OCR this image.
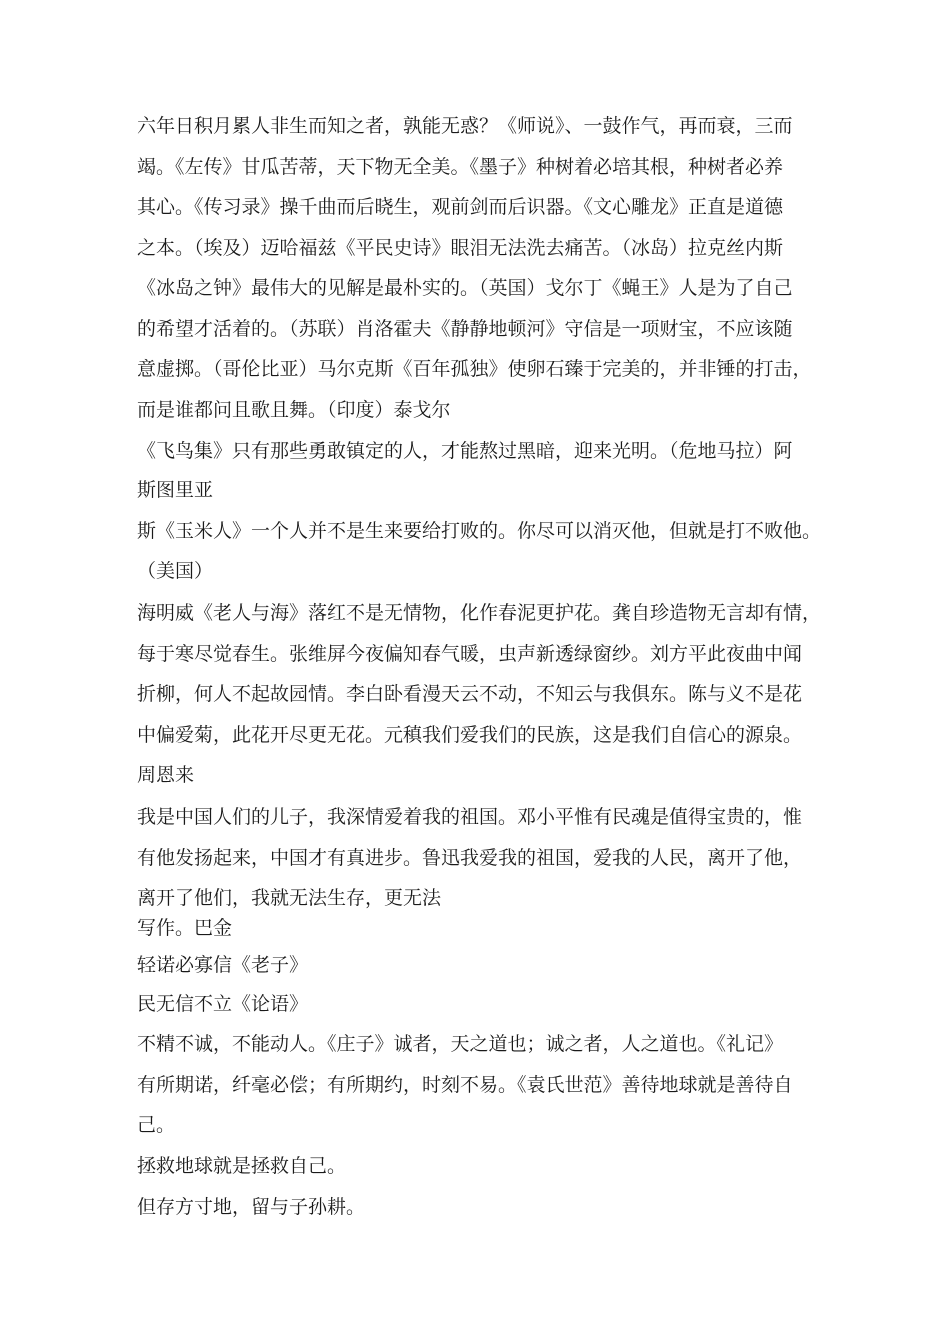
六年日积月累人非生而知之者，孰能无惑？《师说》、一鼓作气，再而衰，三而
竭。《左传》甘瓜苦蒂，天下物无全美。《墨子》种树着必培其根，种树者必养
其心。《传习录》操千曲而后晓生，观前剑而后识器。《文心雕龙》正直是道德
之本。（埃及）迈哈福兹《平民史诗》眼泪无法洗去痛苦。（冰岛）拉克丝内斯
《冰岛之钟》最伟大的见解是最朴实的。（英国）戈尔丁《蝇王》人是为了自己
的希望才活着的。（苏联）肖洛霍夫《静静地顿河》守信是一项财宝，不应该随
意虚掷。（哥伦比亚）马尔克斯《百年孤独》使卵石臻于完美的，并非锤的打击，
而是谁都问且歌且舞。（印度）泰戈尔
《飞鸟集》只有那些勇敢镇定的人，才能熬过黑暗，迎来光明。（危地马拉）阿
斯图里亚
斯《玉米人》一个人并不是生来要给打败的。你尽可以消灭他，但就是打不败他。
（美国）
海明威《老人与海》落红不是无情物，化作春泥更护花。龚自珍造物无言却有情，
每于寒尽觉春生。张维屏今夜偏知春气暖，虫声新透绿窗纱。刘方平此夜曲中闻
折柳，何人不起故园情。李白卧看漫天云不动，不知云与我俱东。陈与义不是花
中偏爱菊，此花开尽更无花。元稹我们爱我们的民族，这是我们自信心的源泉。
周恩来
我是中国人们的儿子，我深情爱着我的祖国。邓小平惟有民魂是值得宝贵的，惟
有他发扬起来，中国才有真进步。鲁迅我爱我的祖国，爱我的人民，离开了他，
离开了他们，我就无法生存，更无法
写作。巴金
轻诺必寡信《老子》
民无信不立《论语》
不精不诚，不能动人。《庄子》诚者，天之道也；诚之者，人之道也。《礼记》
有所期诺，纤毫必偿；有所期约，时刻不易。《袁氏世范》善待地球就是善待自
己。
拯救地球就是拯救自己。
但存方寸地，留与子孙耕。
